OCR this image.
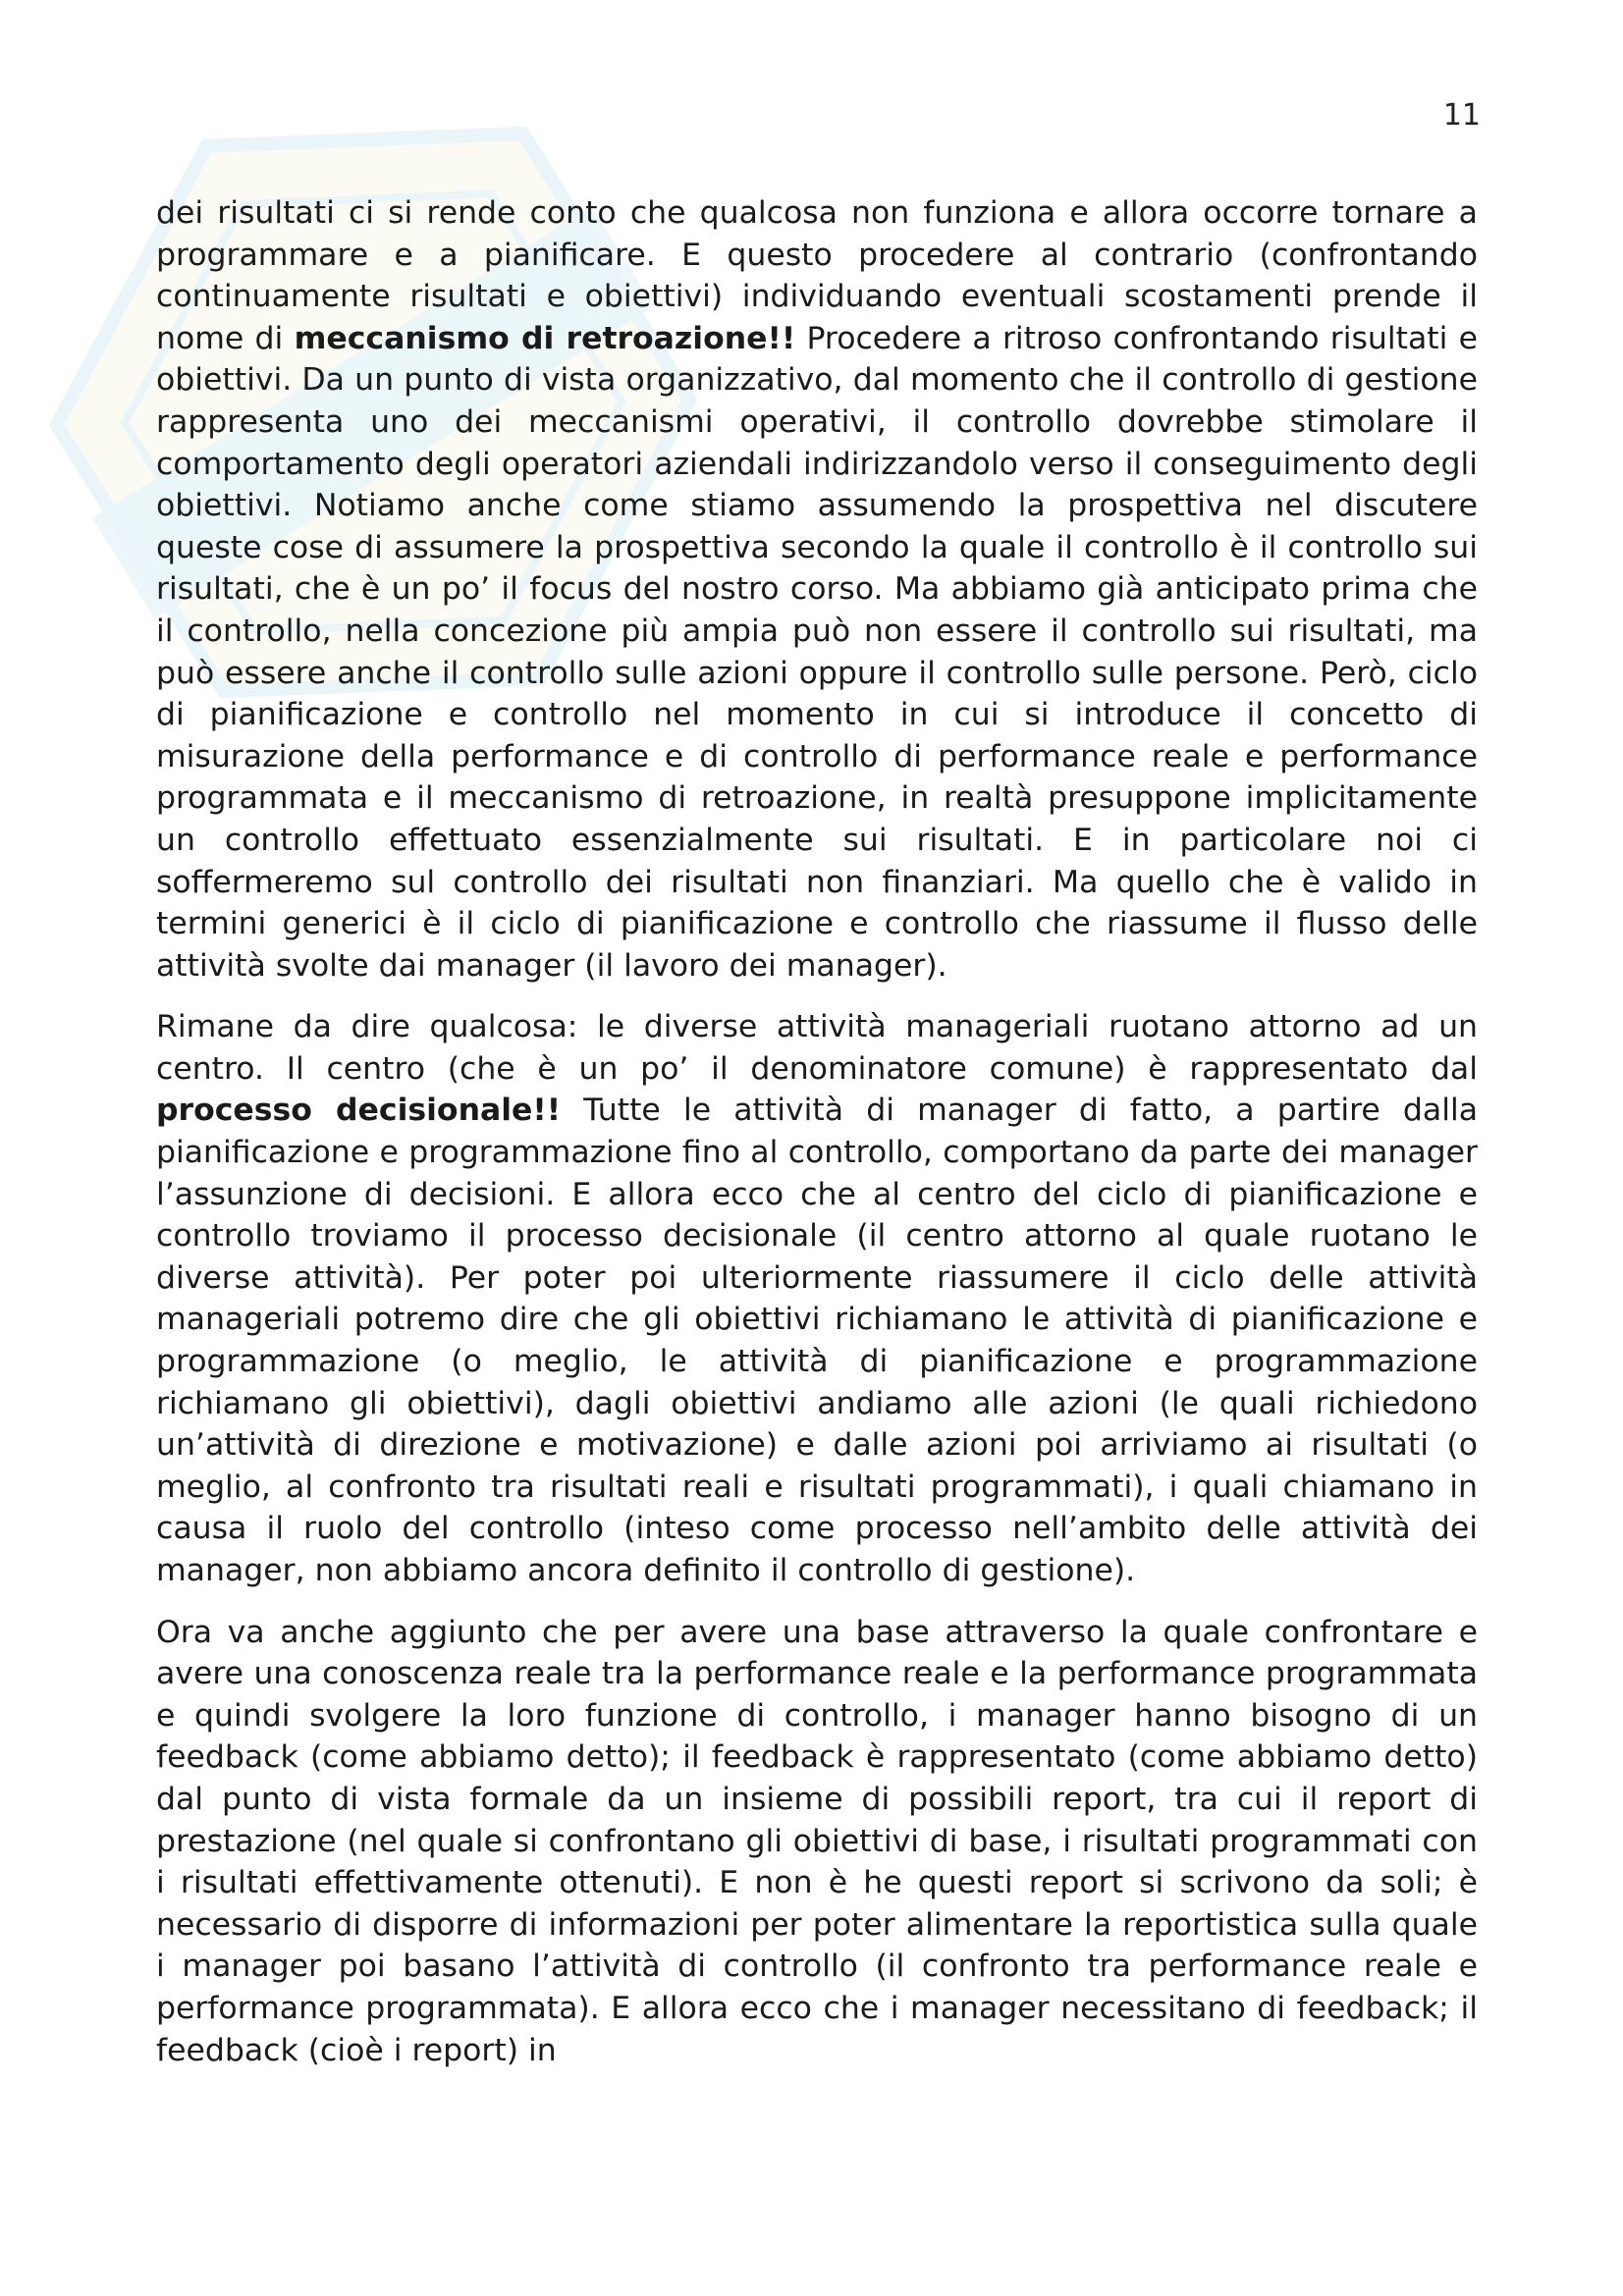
11

dei risultati ci si rende conto che qualcosa non funziona e allora occorre tornare a programmare e a pianificare. E questo procedere al contrario (confrontando continuamente risultati e obiettivi) individuando eventuali scostamenti prende il nome di meccanismo di retroazione!! Procedere a ritroso confrontando risultati e obiettivi. Da un punto di vista organizzativo, dal momento che il controllo di gestione rappresenta uno dei meccanismi operativi, il controllo dovrebbe stimolare il comportamento degli operatori aziendali indirizzandolo verso il conseguimento degli obiettivi. Notiamo anche come stiamo assumendo la prospettiva nel discutere queste cose di assumere la prospettiva secondo la quale il controllo è il controllo sui risultati, che è un po’ il focus del nostro corso. Ma abbiamo già anticipato prima che il controllo, nella concezione più ampia può non essere il controllo sui risultati, ma può essere anche il controllo sulle azioni oppure il controllo sulle persone. Però, ciclo di pianificazione e controllo nel momento in cui si introduce il concetto di misurazione della performance e di controllo di performance reale e performance programmata e il meccanismo di retroazione, in realtà presuppone implicitamente un controllo effettuato essenzialmente sui risultati. E in particolare noi ci soffermeremo sul controllo dei risultati non finanziari. Ma quello che è valido in termini generici è il ciclo di pianificazione e controllo che riassume il flusso delle attività svolte dai manager (il lavoro dei manager).

Rimane da dire qualcosa: le diverse attività manageriali ruotano attorno ad un centro. Il centro (che è un po’ il denominatore comune) è rappresentato dal processo decisionale!! Tutte le attività di manager di fatto, a partire dalla pianificazione e programmazione fino al controllo, comportano da parte dei manager l’assunzione di decisioni. E allora ecco che al centro del ciclo di pianificazione e controllo troviamo il processo decisionale (il centro attorno al quale ruotano le diverse attività). Per poter poi ulteriormente riassumere il ciclo delle attività manageriali potremo dire che gli obiettivi richiamano le attività di pianificazione e programmazione (o meglio, le attività di pianificazione e programmazione richiamano gli obiettivi), dagli obiettivi andiamo alle azioni (le quali richiedono un’attività di direzione e motivazione) e dalle azioni poi arriviamo ai risultati (o meglio, al confronto tra risultati reali e risultati programmati), i quali chiamano in causa il ruolo del controllo (inteso come processo nell’ambito delle attività dei manager, non abbiamo ancora definito il controllo di gestione).

Ora va anche aggiunto che per avere una base attraverso la quale confrontare e avere una conoscenza reale tra la performance reale e la performance programmata e quindi svolgere la loro funzione di controllo, i manager hanno bisogno di un feedback (come abbiamo detto); il feedback è rappresentato (come abbiamo detto) dal punto di vista formale da un insieme di possibili report, tra cui il report di prestazione (nel quale si confrontano gli obiettivi di base, i risultati programmati con i risultati effettivamente ottenuti). E non è he questi report si scrivono da soli; è necessario di disporre di informazioni per poter alimentare la reportistica sulla quale i manager poi basano l’attività di controllo (il confronto tra performance reale e performance programmata). E allora ecco che i manager necessitano di feedback; il feedback (cioè i report) in
